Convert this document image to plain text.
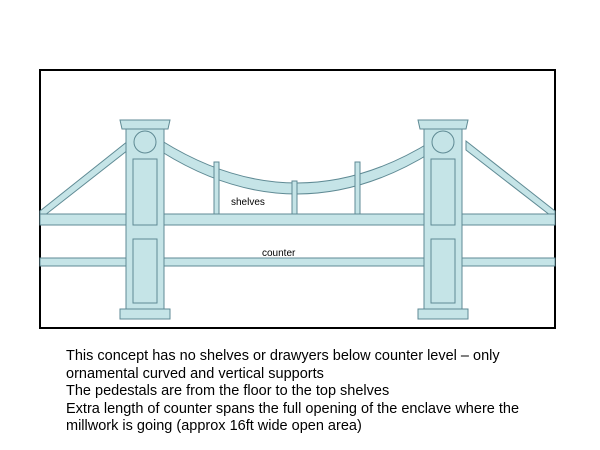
shelves
counter
This concept has no shelves or drawyers below counter level – only
ornamental curved and vertical supports
The pedestals are from the floor to the top shelves
Extra length of counter spans the full opening of the enclave where the
millwork is going (approx 16ft wide open area)
